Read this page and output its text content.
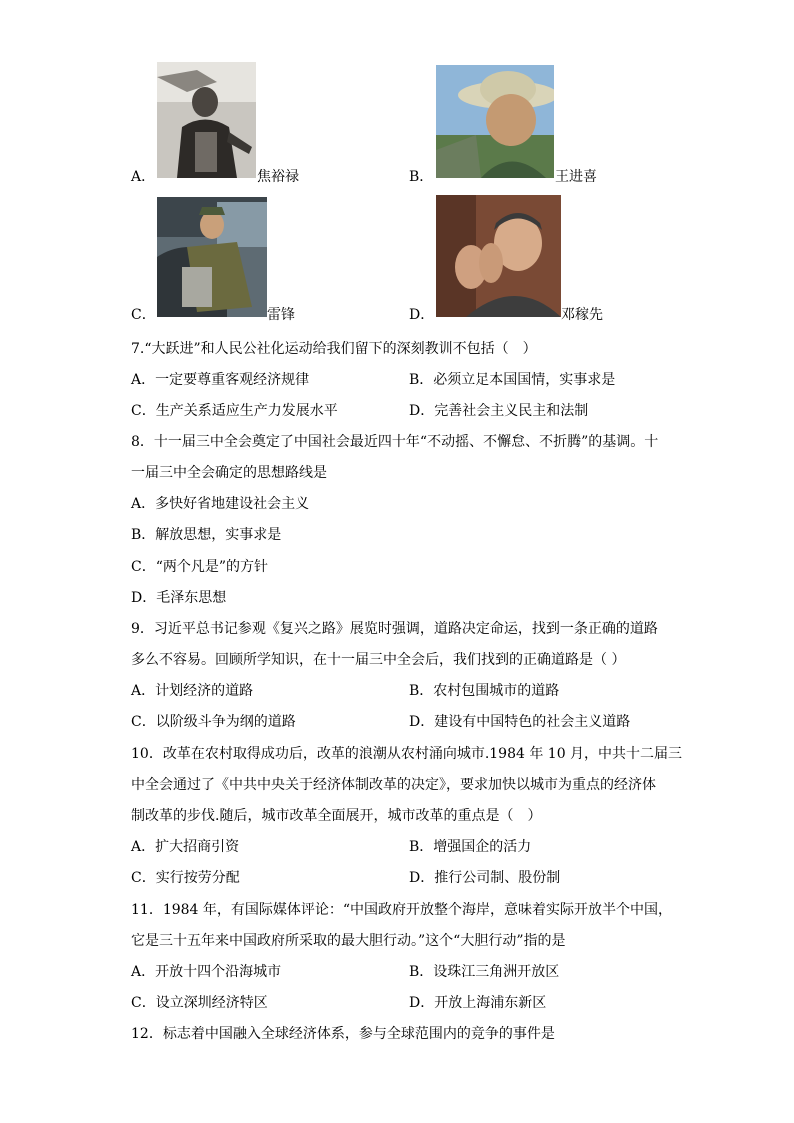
A．	焦裕禄	B．	王进喜
C．	雷锋	D．	邓稼先
7.“大跃进”和人民公社化运动给我们留下的深刻教训不包括（　）
A．一定要尊重客观经济规律	B．必须立足本国国情，实事求是
C．生产关系适应生产力发展水平	D．完善社会主义民主和法制
8．十一届三中全会奠定了中国社会最近四十年“不动摇、不懈怠、不折腾”的基调。十
一届三中全会确定的思想路线是
A．多快好省地建设社会主义
B．解放思想，实事求是
C．“两个凡是”的方针
D．毛泽东思想
9．习近平总书记参观《复兴之路》展览时强调，道路决定命运，找到一条正确的道路
多么不容易。回顾所学知识，在十一届三中全会后，我们找到的正确道路是（ ）
A．计划经济的道路	B．农村包围城市的道路
C．以阶级斗争为纲的道路	D．建设有中国特色的社会主义道路
10．改革在农村取得成功后，改革的浪潮从农村涌向城市.1984 年 10 月，中共十二届三
中全会通过了《中共中央关于经济体制改革的决定》，要求加快以城市为重点的经济体
制改革的步伐.随后，城市改革全面展开，城市改革的重点是（　）
A．扩大招商引资	B．增强国企的活力
C．实行按劳分配	D．推行公司制、股份制
11．1984 年，有国际媒体评论：“中国政府开放整个海岸，意味着实际开放半个中国，
它是三十五年来中国政府所采取的最大胆行动。”这个“大胆行动”指的是
A．开放十四个沿海城市	B．设珠江三角洲开放区
C．设立深圳经济特区	D．开放上海浦东新区
12．标志着中国融入全球经济体系，参与全球范围内的竞争的事件是
